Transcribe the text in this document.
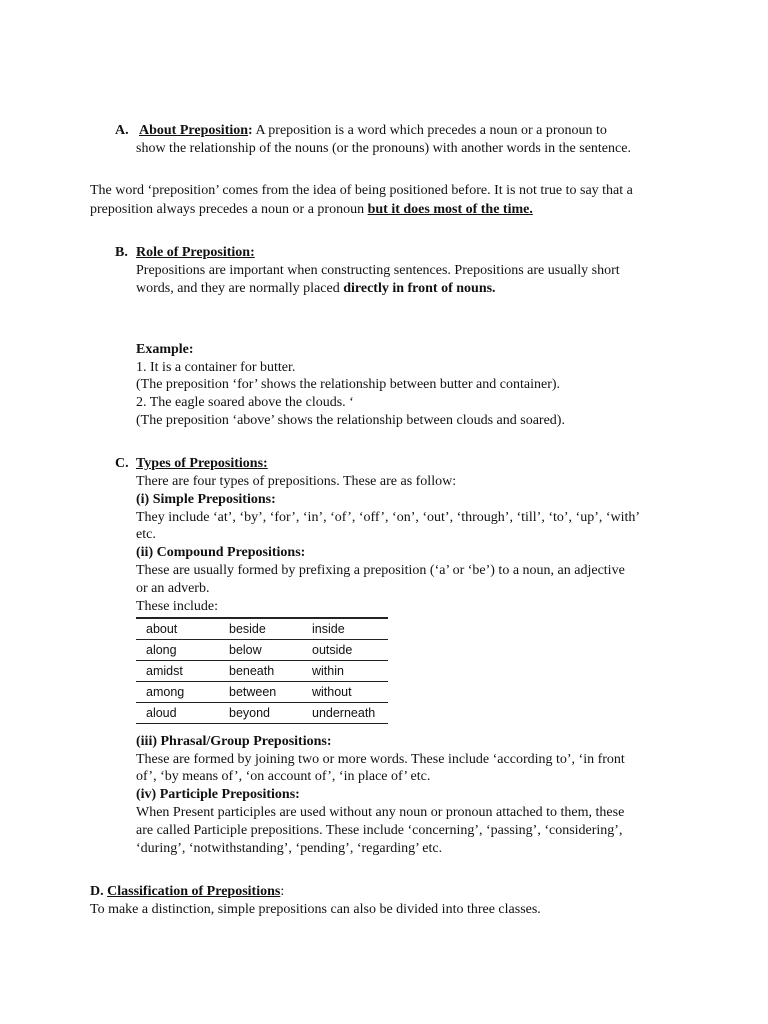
A. About Preposition: A preposition is a word which precedes a noun or a pronoun to
show the relationship of the nouns (or the pronouns) with another words in the sentence.
The word ‘preposition’ comes from the idea of being positioned before. It is not true to say that a
preposition always precedes a noun or a pronoun but it does most of the time.
B. Role of Preposition:
Prepositions are important when constructing sentences. Prepositions are usually short
words, and they are normally placed directly in front of nouns.
Example:
1. It is a container for butter.
(The preposition ‘for’ shows the relationship between butter and container).
2. The eagle soared above the clouds. ‘
(The preposition ‘above’ shows the relationship between clouds and soared).
C. Types of Prepositions:
There are four types of prepositions. These are as follow:
(i) Simple Prepositions:
They include ‘at’, ‘by’, ‘for’, ‘in’, ‘of’, ‘off’, ‘on’, ‘out’, ‘through’, ‘till’, ‘to’, ‘up’, ‘with’
etc.
(ii) Compound Prepositions:
These are usually formed by prefixing a preposition (‘a’ or ‘be’) to a noun, an adjective
or an adverb.
These include:
about	beside	inside
along	below	outside
amidst	beneath	within
among	between	without
aloud	beyond	underneath
(iii) Phrasal/Group Prepositions:
These are formed by joining two or more words. These include ‘according to’, ‘in front
of’, ‘by means of’, ‘on account of’, ‘in place of’ etc.
(iv) Participle Prepositions:
When Present participles are used without any noun or pronoun attached to them, these
are called Participle prepositions. These include ‘concerning’, ‘passing’, ‘considering’,
‘during’, ‘notwithstanding’, ‘pending’, ‘regarding’ etc.
D. Classification of Prepositions:
To make a distinction, simple prepositions can also be divided into three classes.
